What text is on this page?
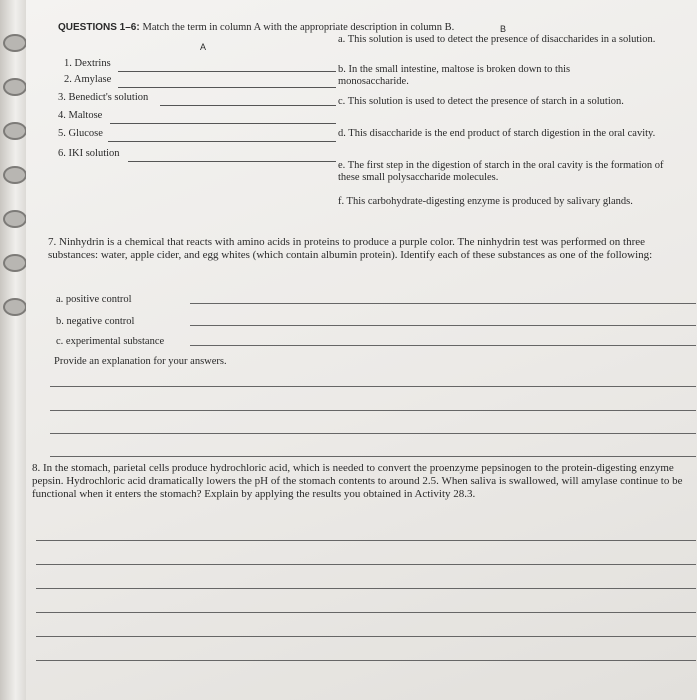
QUESTIONS 1–6: Match the term in column A with the appropriate description in column B.
A
B
1. Dextrins
2. Amylase
3. Benedict's solution
4. Maltose
5. Glucose
6. IKI solution
a. This solution is used to detect the presence of disaccharides in a solution.
b. In the small intestine, maltose is broken down to this monosaccharide.
c. This solution is used to detect the presence of starch in a solution.
d. This disaccharide is the end product of starch digestion in the oral cavity.
e. The first step in the digestion of starch in the oral cavity is the formation of these small polysaccharide molecules.
f. This carbohydrate-digesting enzyme is produced by salivary glands.
7. Ninhydrin is a chemical that reacts with amino acids in proteins to produce a purple color. The ninhydrin test was performed on three substances: water, apple cider, and egg whites (which contain albumin protein). Identify each of these substances as one of the following:
a. positive control
b. negative control
c. experimental substance
Provide an explanation for your answers.
8. In the stomach, parietal cells produce hydrochloric acid, which is needed to convert the proenzyme pepsinogen to the protein-digesting enzyme pepsin. Hydrochloric acid dramatically lowers the pH of the stomach contents to around 2.5. When saliva is swallowed, will amylase continue to be functional when it enters the stomach? Explain by applying the results you obtained in Activity 28.3.
